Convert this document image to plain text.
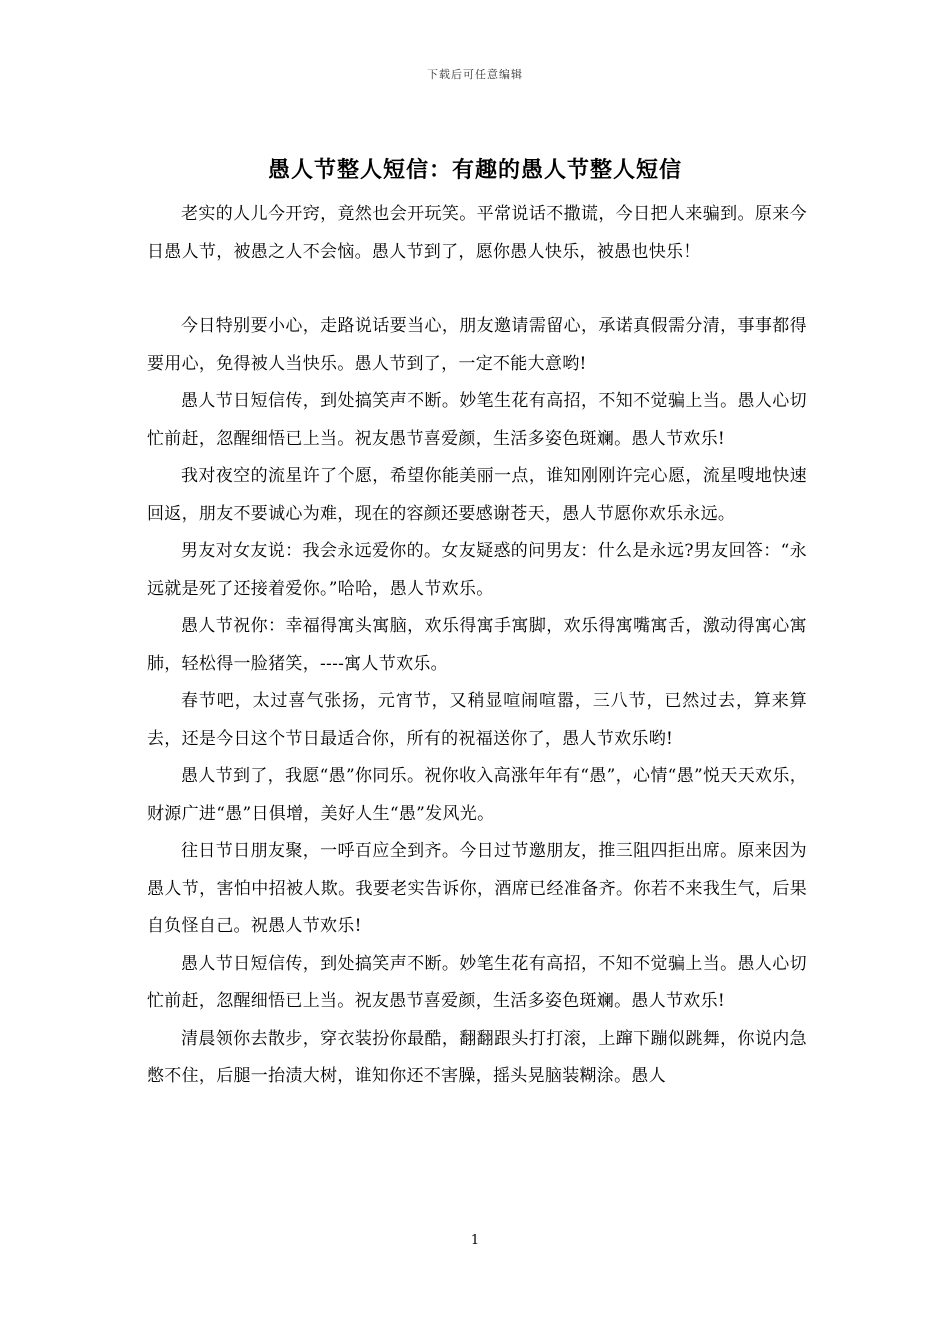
下载后可任意编辑
愚人节整人短信：有趣的愚人节整人短信

老实的人儿今开窍，竟然也会开玩笑。平常说话不撒谎，今日把人来骗到。原来今日愚人节，被愚之人不会恼。愚人节到了，愿你愚人快乐，被愚也快乐！

今日特别要小心，走路说话要当心，朋友邀请需留心，承诺真假需分清，事事都得要用心，免得被人当快乐。愚人节到了，一定不能大意哟!

愚人节日短信传，到处搞笑声不断。妙笔生花有高招，不知不觉骗上当。愚人心切忙前赶，忽醒细悟已上当。祝友愚节喜爱颜，生活多姿色斑斓。愚人节欢乐!

我对夜空的流星许了个愿，希望你能美丽一点，谁知刚刚许完心愿，流星嗖地快速回返，朋友不要诚心为难，现在的容颜还要感谢苍天，愚人节愿你欢乐永远。

男友对女友说：我会永远爱你的。女友疑惑的问男友：什么是永远?男友回答：“永远就是死了还接着爱你。”哈哈，愚人节欢乐。

愚人节祝你：幸福得寓头寓脑，欢乐得寓手寓脚，欢乐得寓嘴寓舌，激动得寓心寓肺，轻松得一脸猪笑，----寓人节欢乐。

春节吧，太过喜气张扬，元宵节，又稍显喧闹喧嚣，三八节，已然过去，算来算去，还是今日这个节日最适合你，所有的祝福送你了，愚人节欢乐哟!

愚人节到了，我愿“愚”你同乐。祝你收入高涨年年有“愚”，心情“愚”悦天天欢乐，财源广进“愚”日俱增，美好人生“愚”发风光。

往日节日朋友聚，一呼百应全到齐。今日过节邀朋友，推三阻四拒出席。原来因为愚人节，害怕中招被人欺。我要老实告诉你，酒席已经准备齐。你若不来我生气，后果自负怪自己。祝愚人节欢乐!

愚人节日短信传，到处搞笑声不断。妙笔生花有高招，不知不觉骗上当。愚人心切忙前赶，忽醒细悟已上当。祝友愚节喜爱颜，生活多姿色斑斓。愚人节欢乐!

清晨领你去散步，穿衣装扮你最酷，翻翻跟头打打滚，上蹿下蹦似跳舞，你说内急憋不住，后腿一抬渍大树，谁知你还不害臊，摇头晃脑装糊涂。愚人

1
